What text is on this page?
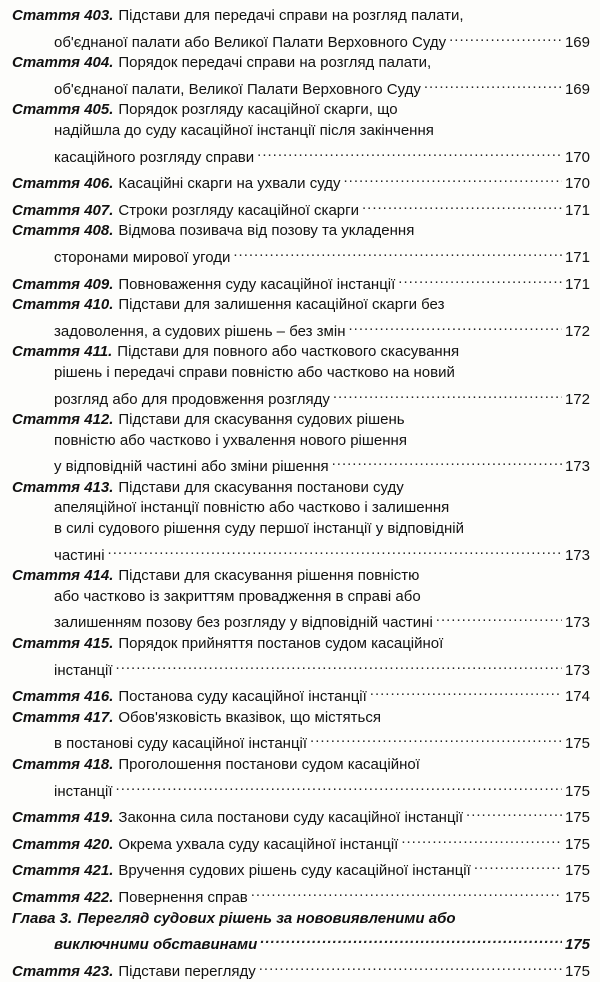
Стаття 403. Підстави для передачі справи на розгляд палати,
об'єднаної палати або Великої Палати Верховного Суду .....	169
Стаття 404. Порядок передачі справи на розгляд палати,
об'єднаної палати, Великої Палати Верховного Суду .....	169
Стаття 405. Порядок розгляду касаційної скарги, що
надійшла до суду касаційної інстанції після закінчення
касаційного розгляду справи .....	170
Стаття 406. Касаційні скарги на ухвали суду .....	170
Стаття 407. Строки розгляду касаційної скарги .....	171
Стаття 408. Відмова позивача від позову та укладення
сторонами мирової угоди .....	171
Стаття 409. Повноваження суду касаційної інстанції .....	171
Стаття 410. Підстави для залишення касаційної скарги без
задоволення, а судових рішень – без змін .....	172
Стаття 411. Підстави для повного або часткового скасування
рішень і передачі справи повністю або частково на новий
розгляд або для продовження розгляду .....	172
Стаття 412. Підстави для скасування судових рішень
повністю або частково і ухвалення нового рішення
у відповідній частині або зміни рішення .....	173
Стаття 413. Підстави для скасування постанови суду
апеляційної інстанції повністю або частково і залишення
в силі судового рішення суду першої інстанції у відповідній
частині .....	173
Стаття 414. Підстави для скасування рішення повністю
або частково із закриттям провадження в справі або
залишенням позову без розгляду у відповідній частині .....	173
Стаття 415. Порядок прийняття постанов судом касаційної
інстанції .....	173
Стаття 416. Постанова суду касаційної інстанції .....	174
Стаття 417. Обов'язковість вказівок, що містяться
в постанові суду касаційної інстанції .....	175
Стаття 418. Проголошення постанови судом касаційної
інстанції .....	175
Стаття 419. Законна сила постанови суду касаційної інстанції .....	175
Стаття 420. Окрема ухвала суду касаційної інстанції .....	175
Стаття 421. Вручення судових рішень суду касаційної інстанції .....	175
Стаття 422. Повернення справ .....	175
Глава 3. Перегляд судових рішень за нововиявленими або
виключними обставинами .....	175
Стаття 423. Підстави перегляду .....	175
